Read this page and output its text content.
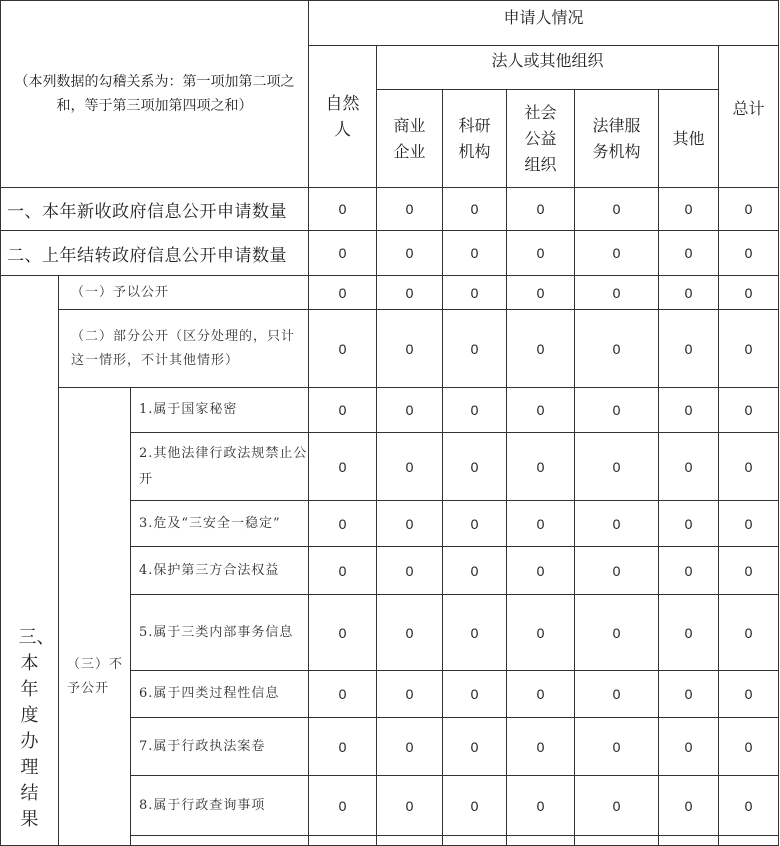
（本列数据的勾稽关系为：第一项加第二项之和，等于第三项加第四项之和）			申请人情况						

			自然人	法人或其他组织					总计

				商业企业	科研机构	社会公益组织	法律服务机构	其他	
一、本年新收政府信息公开申请数量			0	0	0	0	0	0	0
二、上年结转政府信息公开申请数量			0	0	0	0	0	0	0
三、本年度办理结果	（一）予以公开		0	0	0	0	0	0	0
	（二）部分公开（区分处理的，只计这一情形，不计其他情形）		0	0	0	0	0	0	0

	（三）不予公开	1.属于国家秘密	0	0	0	0	0	0	0
		2.其他法律行政法规禁止公开	0	0	0	0	0	0	0
		3.危及“三安全一稳定”	0	0	0	0	0	0	0
		4.保护第三方合法权益	0	0	0	0	0	0	0
		5.属于三类内部事务信息	0	0	0	0	0	0	0
		6.属于四类过程性信息	0	0	0	0	0	0	0
		7.属于行政执法案卷	0	0	0	0	0	0	0
		8.属于行政查询事项	0	0	0	0	0	0	0
